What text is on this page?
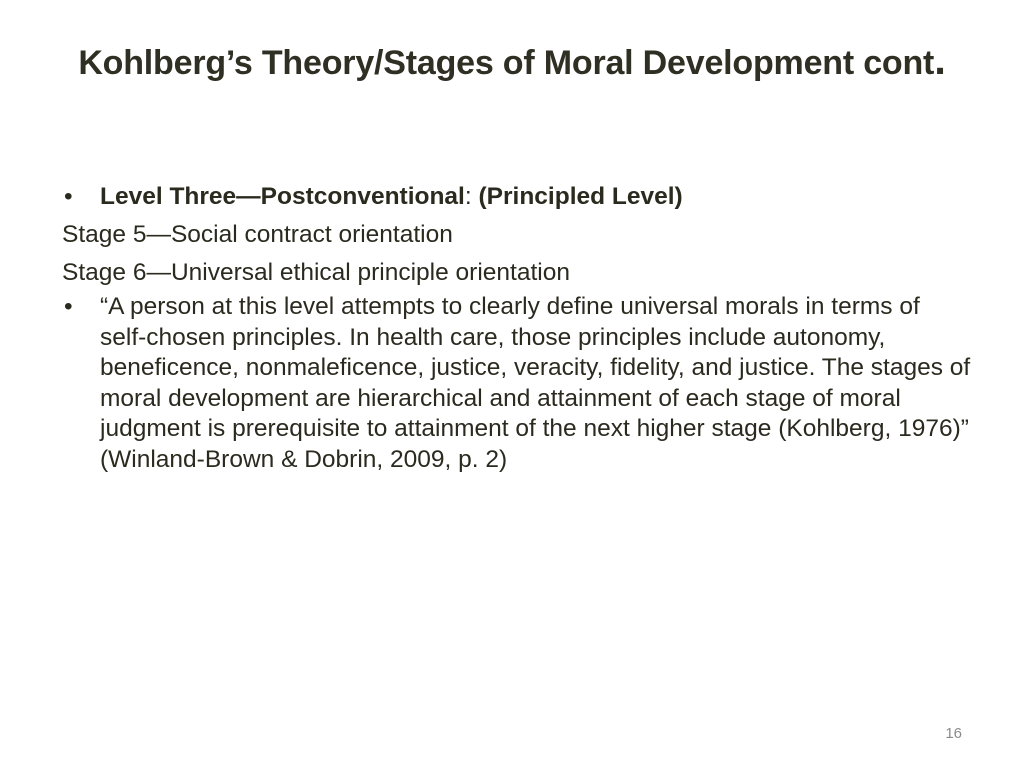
Kohlberg’s Theory/Stages of Moral Development cont.
•	Level Three—Postconventional: (Principled Level)
Stage 5—Social contract orientation
Stage 6—Universal ethical principle orientation
•	“A person at this level attempts to clearly define universal morals in terms of self-chosen principles. In health care, those principles include autonomy, beneficence, nonmaleficence, justice, veracity, fidelity, and justice. The stages of moral development are hierarchical and attainment of each stage of moral judgment is prerequisite to attainment of the next higher stage (Kohlberg, 1976)” (Winland-Brown & Dobrin, 2009, p. 2)
16
